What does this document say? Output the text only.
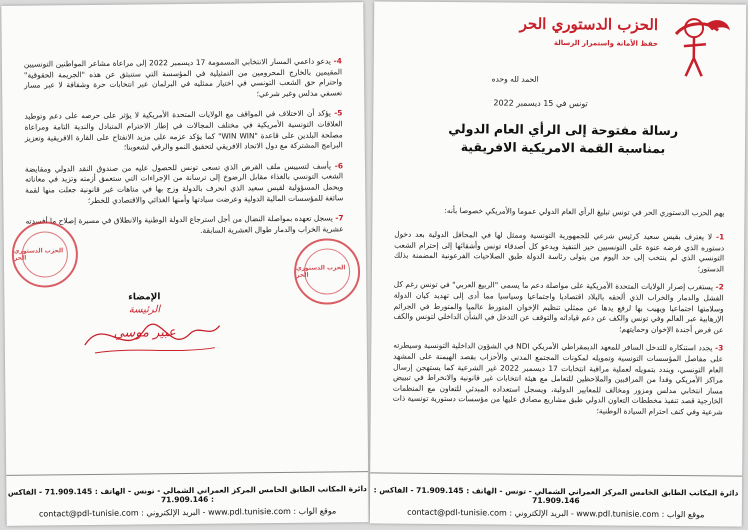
4- يدعو داعمي المسار الانتخابي المسمومة 17 ديسمبر 2022 إلى مراعاة مشاعر المواطنين التونسيين المقيمين بالخارج المحرومين من التمثيلية في المؤسسة التي ستنبثق عن هذه "الجريمة الحقوقية" واحترام حق الشعب التونسي في اختيار ممثليه في البرلمان عبر انتخابات حرة وشفافة لا عبر مسار تعسفي مدلس وغير شرعي؛

5- يؤكد أن الاختلاف في المواقف مع الولايات المتحدة الأمريكية لا يؤثر على حرصه على دعم وتوطيد العلاقات التونسية الأمريكية في مختلف المجالات في إطار الاحترام المتبادل والندية التامة ومراعاة مصلحة البلدين على قاعدة "WIN WIN" كما يؤكد عزمه على مزيد الانفتاح على القارة الافريقية وتعزيز البرامج المشتركة مع دول الاتحاد الافريقي لتحقيق النمو والرقي لشعوبنا؛

6- يأسف لتسييس ملف القرض الذي تسعى تونس للحصول عليه من صندوق النقد الدولي ومقايضة الشعب التونسي بالغذاء مقابل الرضوخ إلى ترسانة من الإجراءات التي ستعمق أزمته وتزيد في معاناته ويحمل المسؤولية لقيس سعيد الذي انحرف بالدولة وزج بها في متاهات غير قانونية جعلت منها لقمة سائغة للمؤسسات المالية الدولية وعرضت سيادتها وأمنها الغذائي والاقتصادي للخطر؛

7- يسجل تعهده بمواصلة النضال من أجل استرجاع الدولة الوطنية والانطلاق في مسيرة إصلاح ما أفسدته عشرية الخراب والدمار طوال العشرية السابقة.

الحزب الدستوري الحر
الحزب الدستوري الحر
الإمضاء
الرئيسة
عبير موسي
دائرة المكاتب الطابق الخامس المركز العمراني الشمالي - تونس - الهاتف : 71.909.145 - الفاكس : 71.909.146
موقع الواب : www.pdl.tunisie.com - البريد الإلكتروني : contact@pdl-tunisie.com
الحزب الدستوري الحر
حفظ الأمانة واستمرار الرسالة
الحمد لله وحده
تونس في 15 ديسمبر 2022
رسالة مفتوحة إلى الرأي العام الدولي
بمناسبة القمة الامريكية الافريقية

يهم الحزب الدستوري الحر في تونس تبليغ الرأي العام الدولي عموما والأمريكي خصوصا بأنه:

1- لا يعترف بقيس سعيد كرئيس شرعي للجمهورية التونسية وممثل لها في المحافل الدولية بعد دخول دستوره الذي فرضه عنوة على التونسيين حيز التنفيذ ويدعو كل أصدقاء تونس وأشقائها إلى إحترام الشعب التونسي الذي لم ينتخب إلى حد اليوم من يتولى رئاسة الدولة طبق الصلاحيات الفرعونية المضمنة بذلك الدستور؛

2- يستغرب إصرار الولايات المتحدة الأمريكية على مواصلة دعم ما يسمى "الربيع العربي" في تونس رغم كل الفشل والدمار والخراب الذي ألحقه بالبلاد اقتصاديا واجتماعيا وسياسيا مما أدى إلى تهديد كيان الدولة وسلامتها اجتماعيا ويهيب بها لرفع يدها عن ممثلي تنظيم الإخوان المتورط عالميا والمتورط في الجرائم الإرهابية عبر العالم وفي تونس والكف عن دعم قياداته والتوقف عن التدخل في الشأن الداخلي لتونس والكف عن فرض أجندة الإخوان وحمايتهم؛

3- يجدد استنكاره للتدخل السافر للمعهد الديمقراطي الأمريكي NDI في الشؤون الداخلية التونسية وسيطرته على مفاصل المؤسسات التونسية وتمويله لمكونات المجتمع المدني والأحزاب بقصد الهيمنة على المشهد العام التونسي، ويندد بتمويله لعملية مراقبة انتخابات 17 ديسمبر 2022 غير الشرعية كما يستهجن إرسال مراكز الأمريكي وفدا من المراقبين والملاحظين للتعامل مع هيئة انتخابات غير قانونية والانخراط في تبييض مسار انتخابي مدلس ومزور ومخالف للمعايير الدولية، ويسجل استعداده المبدئي للتعاون مع المنظمات الخارجية قصد تنفيذ مخططات التعاون الدولي طبق مشاريع مصادق عليها من مؤسسات دستورية تونسية ذات شرعية وفي كنف احترام السيادة الوطنية؛

دائرة المكاتب الطابق الخامس المركز العمراني الشمالي - تونس - الهاتف : 71.909.145 - الفاكس : 71.909.146
موقع الواب : www.pdl.tunisie.com - البريد الإلكتروني : contact@pdl-tunisie.com
